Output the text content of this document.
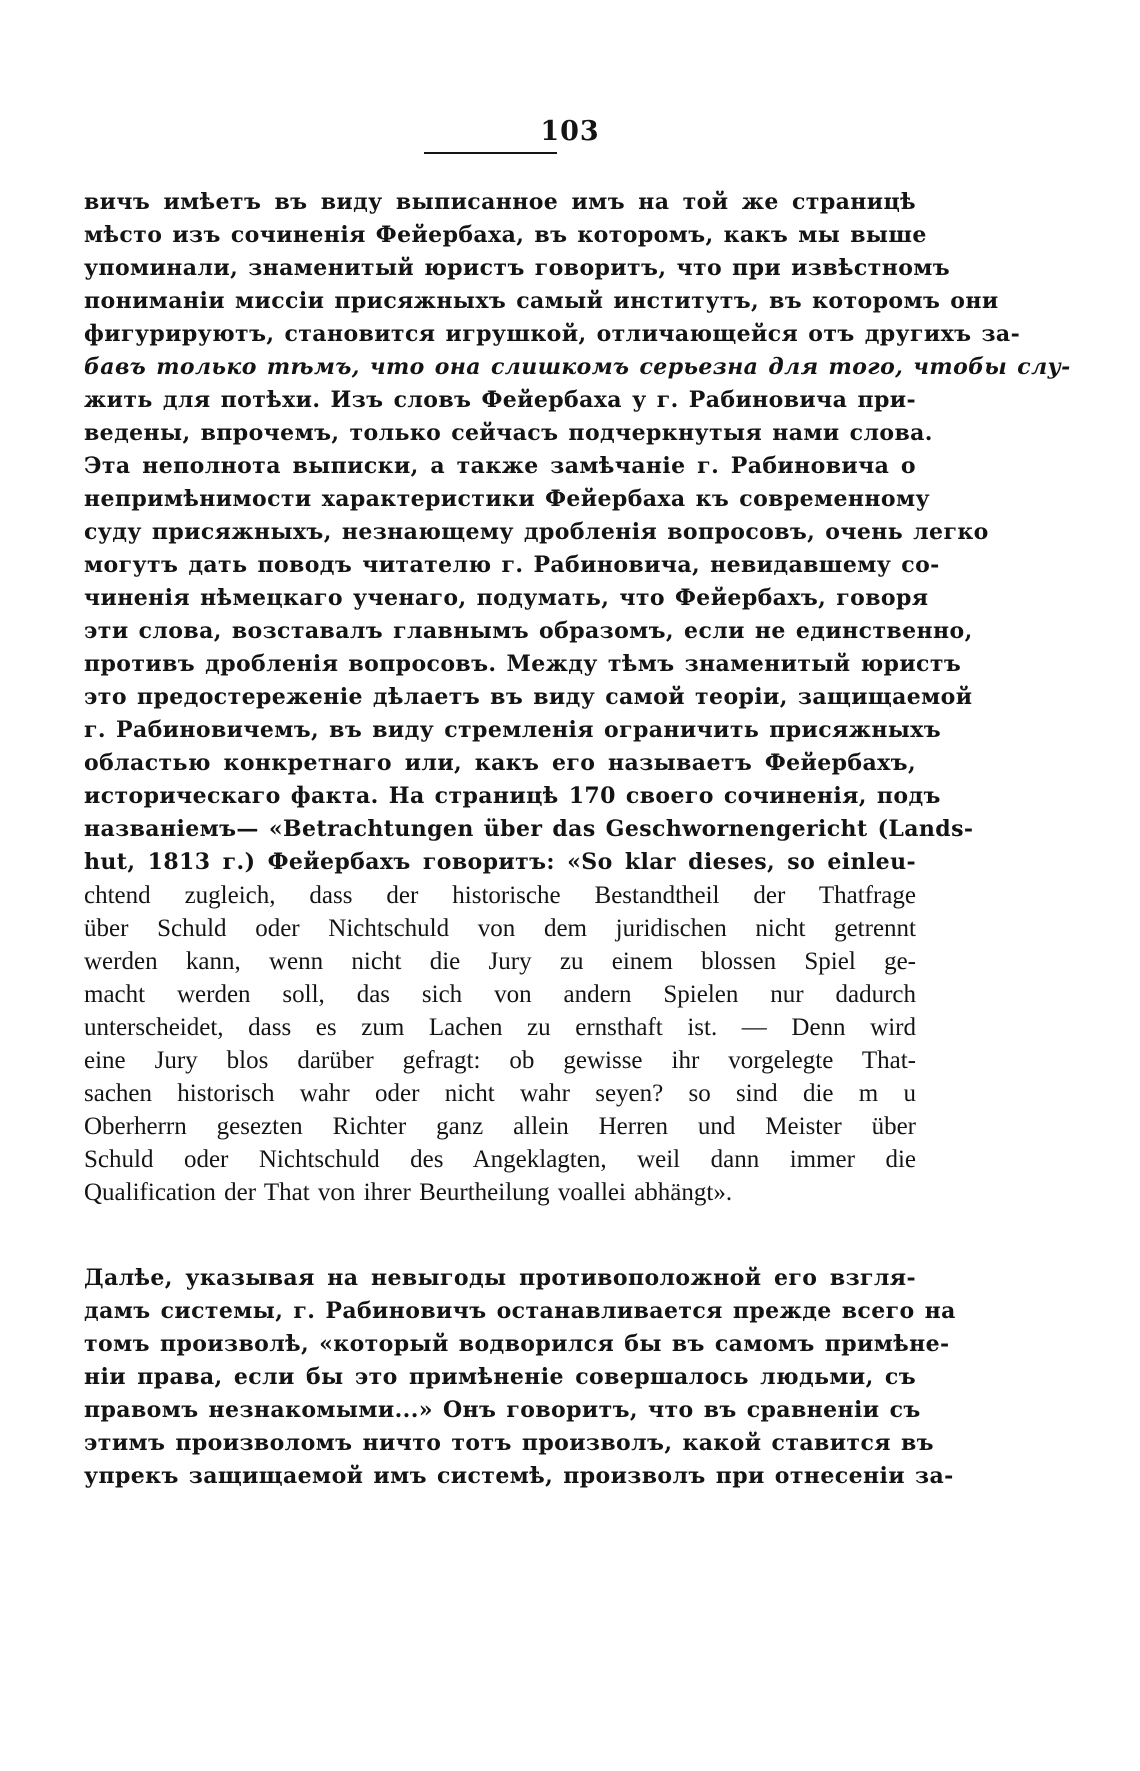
103
вичъ имѣетъ въ виду выписанное имъ на той же страницѣ
мѣсто изъ сочиненія Фейербаха, въ которомъ, какъ мы выше
упоминали, знаменитый юристъ говоритъ, что при извѣстномъ
пониманіи миссіи присяжныхъ самый институтъ, въ которомъ они
фигурируютъ, становится игрушкой, отличающейся отъ другихъ за-
бавъ только тѣмъ, что она слишкомъ серьезна для того, чтобы слу-
жить для потѣхи. Изъ словъ Фейербаха у г. Рабиновича при-
ведены, впрочемъ, только сейчасъ подчеркнутыя нами слова.
Эта неполнота выписки, а также замѣчаніе г. Рабиновича о
непримѣнимости характеристики Фейербаха къ современному
суду присяжныхъ, незнающему дробленія вопросовъ, очень легко
могутъ дать поводъ читателю г. Рабиновича, невидавшему со-
чиненія нѣмецкаго ученаго, подумать, что Фейербахъ, говоря
эти слова, возставалъ главнымъ образомъ, если не единственно,
противъ дробленія вопросовъ. Между тѣмъ знаменитый юристъ
это предостереженіе дѣлаетъ въ виду самой теоріи, защищаемой
г. Рабиновичемъ, въ виду стремленія ограничить присяжныхъ
областью конкретнаго или, какъ его называетъ Фейербахъ,
историческаго факта. На страницѣ 170 своего сочиненія, подъ
названіемъ— «Betrachtungen über das Geschwornengericht (Lands-
hut, 1813 г.) Фейербахъ говоритъ: «So klar dieses, so einleu-
chtend zugleich, dass der historische Bestandtheil der Thatfrage
über Schuld oder Nichtschuld von dem juridischen nicht getrennt
werden kann, wenn nicht die Jury zu einem blossen Spiel ge-
macht werden soll, das sich von andern Spielen nur dadurch
unterscheidet, dass es zum Lachen zu ernsthaft ist. — Denn wird
eine Jury blos darüber gefragt: ob gewisse ihr vorgelegte That-
sachen historisch wahr oder nicht wahr seyen? so sind die m u
Oberherrn gesezten Richter ganz allein Herren und Meister über
Schuld oder Nichtschuld des Angeklagten, weil dann immer die
Qualification der That von ihrer Beurtheilung voallei abhängt».
Далѣе, указывая на невыгоды противоположной его взгля-
дамъ системы, г. Рабиновичъ останавливается прежде всего на
томъ произволѣ, «который водворился бы въ самомъ примѣне-
ніи права, если бы это примѣненіе совершалось людьми, съ
правомъ незнакомыми...» Онъ говоритъ, что въ сравненіи съ
этимъ произволомъ ничто тотъ произволъ, какой ставится въ
упрекъ защищаемой имъ системѣ, произволъ при отнесеніи за-
